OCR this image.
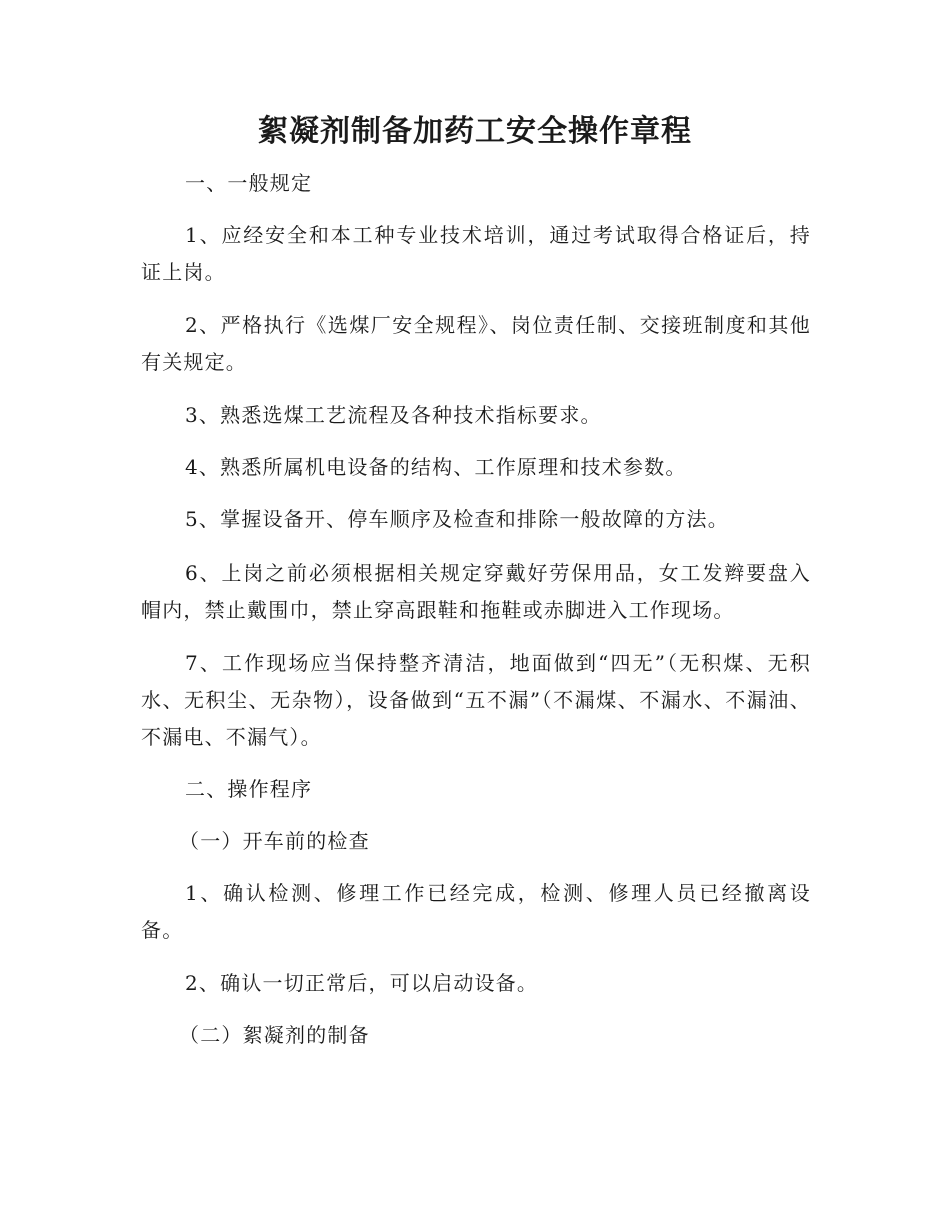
絮凝剂制备加药工安全操作章程

一、一般规定

1、应经安全和本工种专业技术培训，通过考试取得合格证后，持证上岗。

2、严格执行《选煤厂安全规程》、岗位责任制、交接班制度和其他有关规定。

3、熟悉选煤工艺流程及各种技术指标要求。

4、熟悉所属机电设备的结构、工作原理和技术参数。

5、掌握设备开、停车顺序及检查和排除一般故障的方法。

6、上岗之前必须根据相关规定穿戴好劳保用品，女工发辫要盘入帽内，禁止戴围巾，禁止穿高跟鞋和拖鞋或赤脚进入工作现场。

7、工作现场应当保持整齐清洁，地面做到“四无”（无积煤、无积水、无积尘、无杂物），设备做到“五不漏”（不漏煤、不漏水、不漏油、不漏电、不漏气）。

二、操作程序

（一）开车前的检查

1、确认检测、修理工作已经完成，检测、修理人员已经撤离设备。

2、确认一切正常后，可以启动设备。

（二）絮凝剂的制备
